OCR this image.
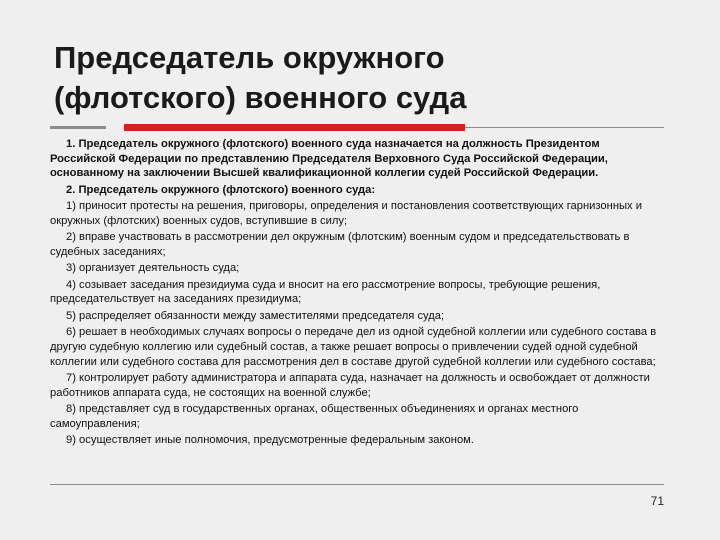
Председатель окружного
(флотского) военного суда

1. Председатель окружного (флотского) военного суда назначается на должность Президентом Российской Федерации по представлению Председателя Верховного Суда Российской Федерации, основанному на заключении Высшей квалификационной коллегии судей Российской Федерации.

2. Председатель окружного (флотского) военного суда:

1) приносит протесты на решения, приговоры, определения и постановления соответствующих гарнизонных и окружных (флотских) военных судов, вступившие в силу;

2) вправе участвовать в рассмотрении дел окружным (флотским) военным судом и председательствовать в судебных заседаниях;

3) организует деятельность суда;

4) созывает заседания президиума суда и вносит на его рассмотрение вопросы, требующие решения, председательствует на заседаниях президиума;

5) распределяет обязанности между заместителями председателя суда;

6) решает в необходимых случаях вопросы о передаче дел из одной судебной коллегии или судебного состава в другую судебную коллегию или судебный состав, а также решает вопросы о привлечении судей одной судебной коллегии или судебного состава для рассмотрения дел в составе другой судебной коллегии или судебного состава;

7) контролирует работу администратора и аппарата суда, назначает на должность и освобождает от должности работников аппарата суда, не состоящих на военной службе;

8) представляет суд в государственных органах, общественных объединениях и органах местного самоуправления;

9) осуществляет иные полномочия, предусмотренные федеральным законом.

71
